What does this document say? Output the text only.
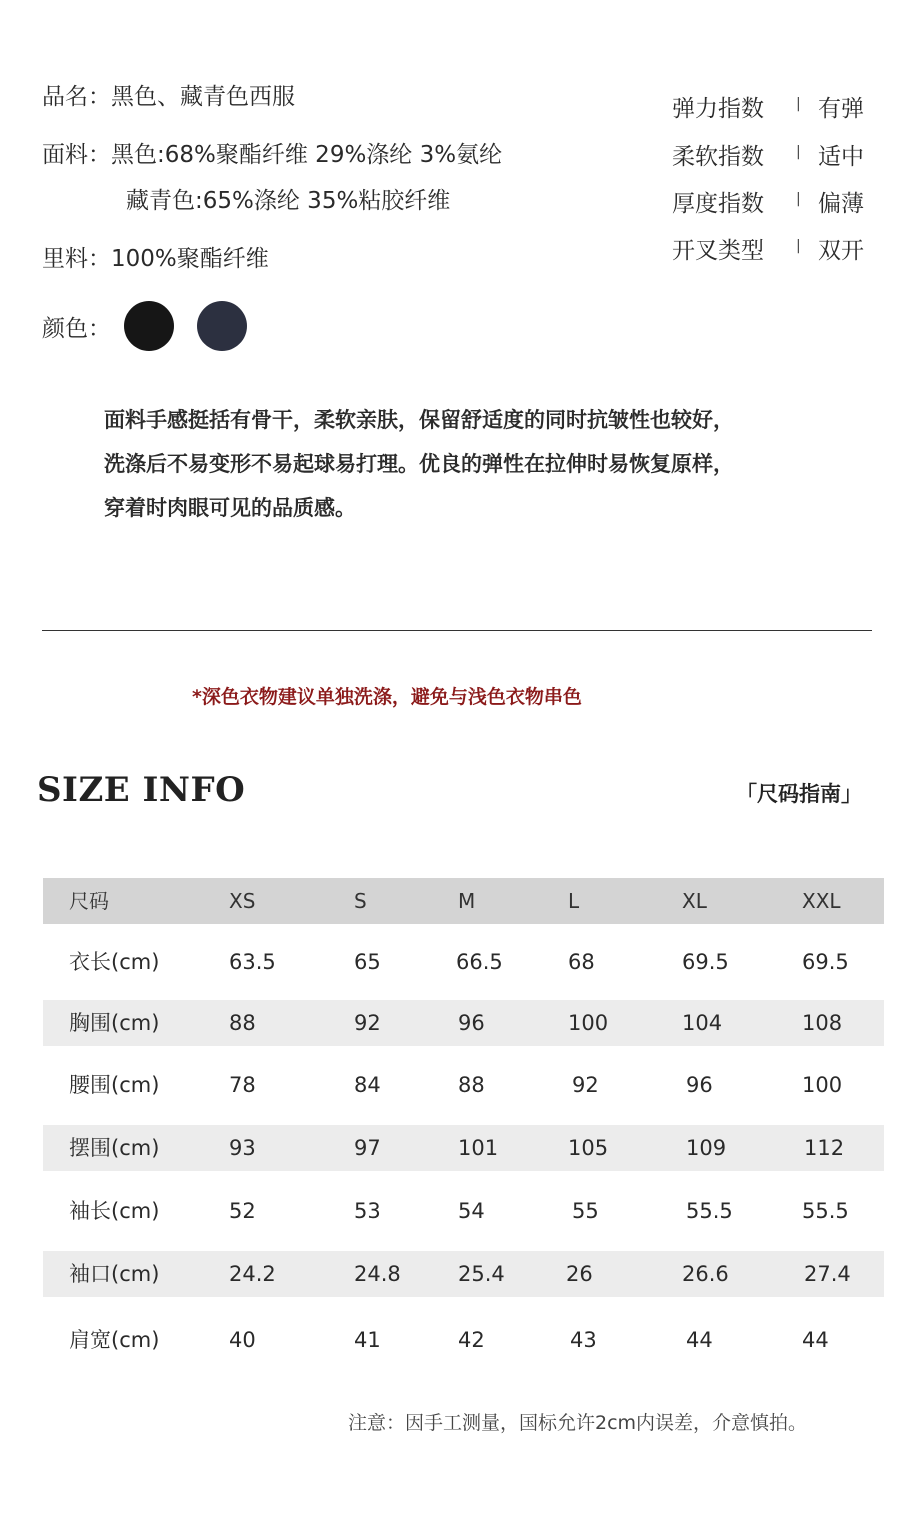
品名：黑色、藏青色西服
面料：黑色:68%聚酯纤维 29%涤纶 3%氨纶
藏青色:65%涤纶 35%粘胶纤维
里料：100%聚酯纤维
颜色：
弹力指数 | 有弹
柔软指数 | 适中
厚度指数 | 偏薄
开叉类型 | 双开
面料手感挺括有骨干，柔软亲肤，保留舒适度的同时抗皱性也较好，
洗涤后不易变形不易起球易打理。优良的弹性在拉伸时易恢复原样，
穿着时肉眼可见的品质感。
*深色衣物建议单独洗涤，避免与浅色衣物串色
SIZE INFO	「尺码指南」
尺码	XS	S	M	L	XL	XXL
衣长(cm)	63.5	65	66.5	68	69.5	69.5
胸围(cm)	88	92	96	100	104	108
腰围(cm)	78	84	88	92	96	100
摆围(cm)	93	97	101	105	109	112
袖长(cm)	52	53	54	55	55.5	55.5
袖口(cm)	24.2	24.8	25.4	26	26.6	27.4
肩宽(cm)	40	41	42	43	44	44
注意：因手工测量，国标允许2cm内误差，介意慎拍。
